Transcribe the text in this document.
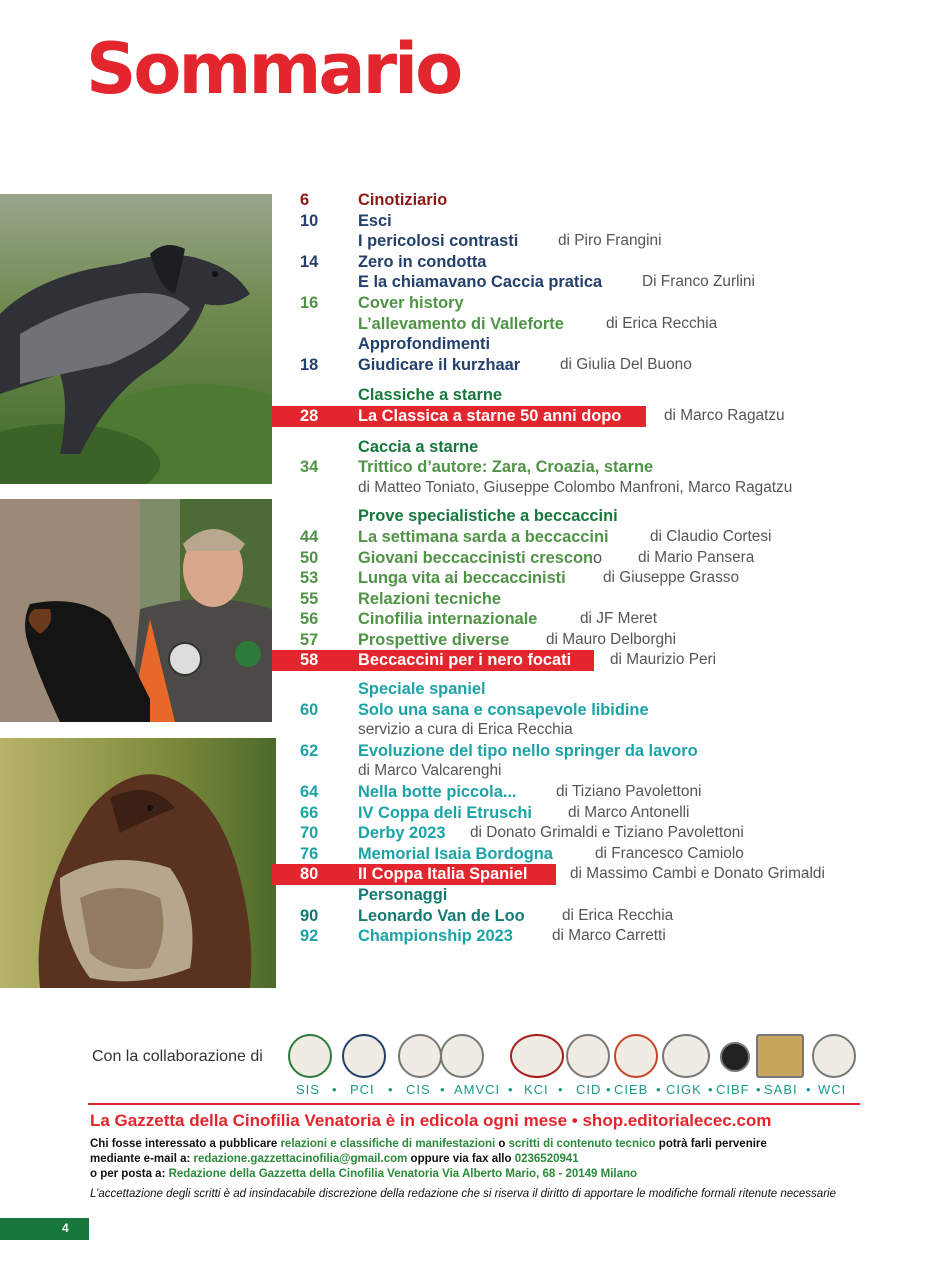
Sommario
6	Cinotiziario
10	Esci
I pericolosi contrasti	di Piro Frangini
14	Zero in condotta
E la chiamavano Caccia pratica	Di Franco Zurlini
16	Cover history
L’allevamento di Valleforte	di Erica Recchia
Approfondimenti
18	Giudicare il kurzhaar	di Giulia Del Buono
Classiche a starne
28	La Classica a starne 50 anni dopo	di Marco Ragatzu
Caccia a starne
34	Trittico d’autore: Zara, Croazia, starne
di Matteo Toniato, Giuseppe Colombo Manfroni, Marco Ragatzu
Prove specialistiche a beccaccini
44	La settimana sarda a beccaccini	di Claudio Cortesi
50	Giovani beccaccinisti crescono di Mario Pansera
53	Lunga vita ai beccaccinisti di Giuseppe Grasso
55	Relazioni tecniche
56	Cinofilia internazionale	di JF Meret
57	Prospettive diverse di Mauro Delborghi
58	Beccaccini per i nero focati	di Maurizio Peri
Speciale spaniel
60	Solo una sana e consapevole libidine
servizio a cura di Erica Recchia
62	Evoluzione del tipo nello springer da lavoro
di Marco Valcarenghi
64	Nella botte piccola...	di Tiziano Pavolettoni
66	IV Coppa deli Etruschi di Marco Antonelli
70	Derby 2023 di Donato Grimaldi e Tiziano Pavolettoni
76	Memorial Isaia Bordogna	di Francesco Camiolo
80	II Coppa Italia Spaniel	di Massimo Cambi e Donato Grimaldi
Personaggi
90	Leonardo Van de Loo di Erica Recchia
92	Championship 2023	di Marco Carretti
Con la collaborazione di
SIS • PCI • CIS • AMVCI • KCI • CID • CIEB • CIGK • CIBF • SABI • WCI
La Gazzetta della Cinofilia Venatoria è in edicola ogni mese • shop.editorialecec.com
Chi fosse interessato a pubblicare relazioni e classifiche di manifestazioni o scritti di contenuto tecnico potrà farli pervenire
mediante e-mail a: redazione.gazzettacinofilia@gmail.com oppure via fax allo 0236520941
o per posta a: Redazione della Gazzetta della Cinofilia Venatoria Via Alberto Mario, 68 - 20149 Milano
L’accettazione degli scritti è ad insindacabile discrezione della redazione che si riserva il diritto di apportare le modifiche formali ritenute necessarie
4
